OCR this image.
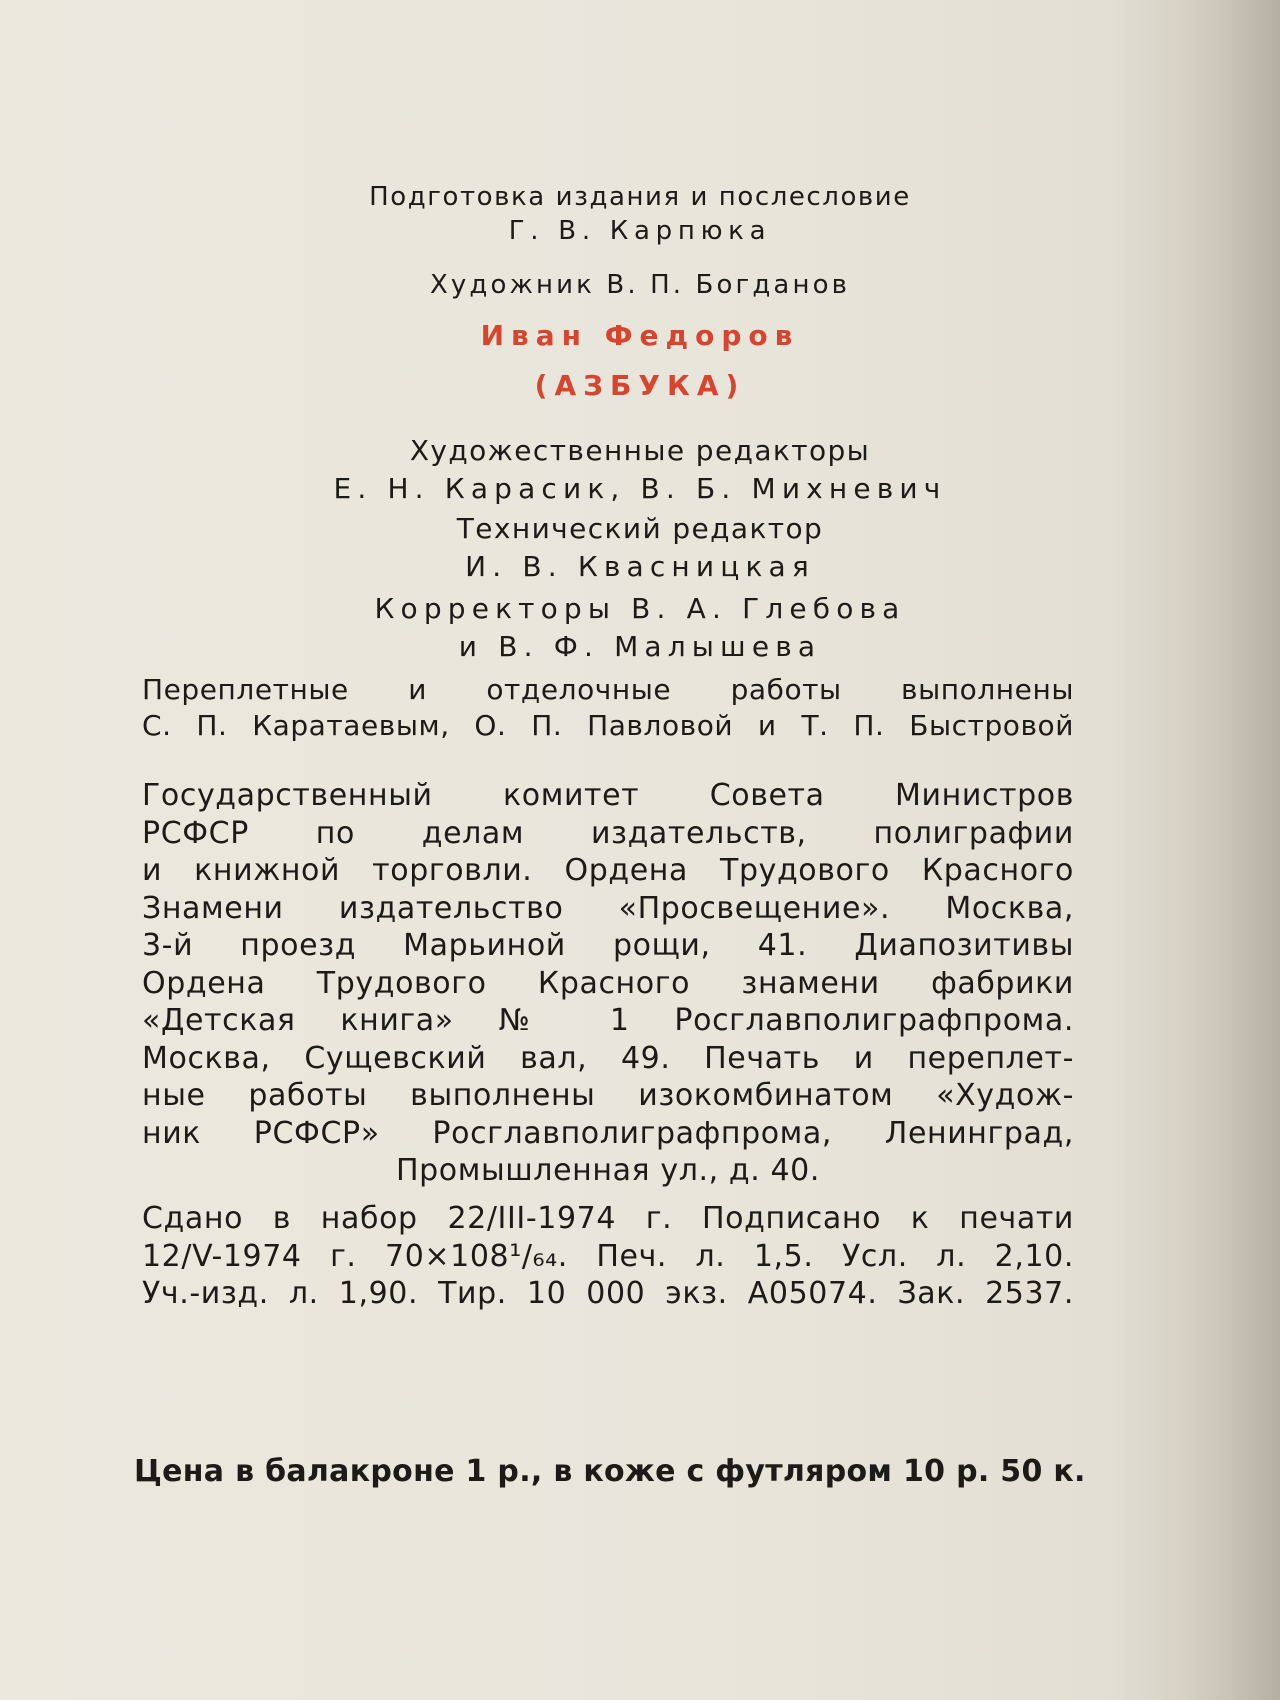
Подготовка издания и послесловие
Г. В. Карпюка
Художник В. П. Богданов
Иван Федоров
(АЗБУКА)
Художественные редакторы
Е. Н. Карасик, В. Б. Михневич
Технический редактор
И. В. Квасницкая
Корректоры В. А. Глебова
и В. Ф. Малышева
Переплетные и отделочные работы выполнены
С. П. Каратаевым, О. П. Павловой и Т. П. Быстровой
Государственный комитет Совета Министров
РСФСР по делам издательств, полиграфии
и книжной торговли. Ордена Трудового Красного
Знамени издательство «Просвещение». Москва,
3-й проезд Марьиной рощи, 41. Диапозитивы
Ордена Трудового Красного знамени фабрики
«Детская книга» № 1 Росглавполиграфпрома.
Москва, Сущевский вал, 49. Печать и переплет-
ные работы выполнены изокомбинатом «Худож-
ник РСФСР» Росглавполиграфпрома, Ленинград,
Промышленная ул., д. 40.
Сдано в набор 22/III-1974 г. Подписано к печати
12/V-1974 г. 70×108¹/₆₄. Печ. л. 1,5. Усл. л. 2,10.
Уч.-изд. л. 1,90. Тир. 10 000 экз. А05074. Зак. 2537.
Цена в балакроне 1 р., в коже с футляром 10 р. 50 к.
